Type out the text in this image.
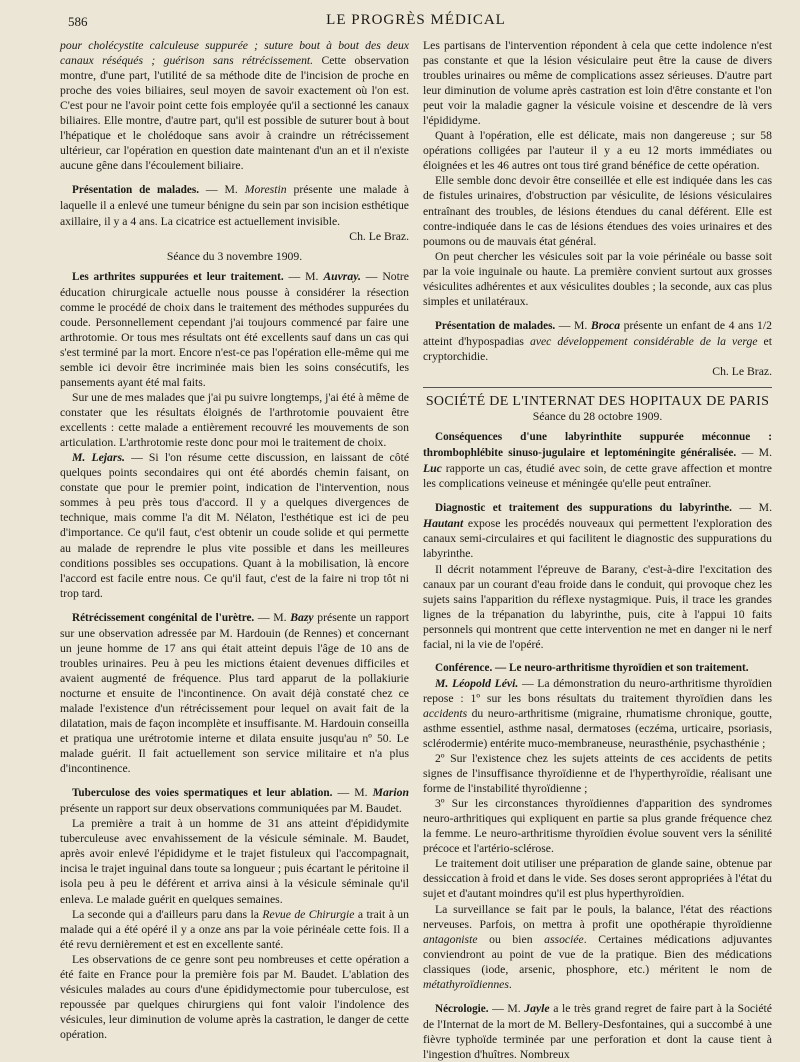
586	LE PROGRÈS MÉDICAL

pour cholécystite calculeuse suppurée ; suture bout à bout des deux canaux réséqués ; guérison sans rétrécissement. Cette observation montre, d'une part, l'utilité de sa méthode dite de l'incision de proche en proche des voies biliaires, seul moyen de savoir exactement où l'on est. C'est pour ne l'avoir point cette fois employée qu'il a sectionné les canaux biliaires. Elle montre, d'autre part, qu'il est possible de suturer bout à bout l'hépatique et le cholédoque sans avoir à craindre un rétrécissement ultérieur, car l'opération en question date maintenant d'un an et il n'existe aucune gêne dans l'écoulement biliaire.

Présentation de malades. — M. Morestin présente une malade à laquelle il a enlevé une tumeur bénigne du sein par son incision esthétique axillaire, il y a 4 ans. La cicatrice est actuellement invisible.

Ch. Le Braz.

Séance du 3 novembre 1909.

Les arthrites suppurées et leur traitement. — M. Auvray. — Notre éducation chirurgicale actuelle nous pousse à considérer la résection comme le procédé de choix dans le traitement des méthodes suppurées du coude. Personnellement cependant j'ai toujours commencé par faire une arthrotomie. Or tous mes résultats ont été excellents sauf dans un cas qui s'est terminé par la mort. Encore n'est-ce pas l'opération elle-même qui me semble ici devoir être incriminée mais bien les soins consécutifs, les pansements ayant été mal faits.

Sur une de mes malades que j'ai pu suivre longtemps, j'ai été à même de constater que les résultats éloignés de l'arthrotomie pouvaient être excellents : cette malade a entièrement recouvré les mouvements de son articulation. L'arthrotomie reste donc pour moi le traitement de choix.

M. Lejars. — Si l'on résume cette discussion, en laissant de côté quelques points secondaires qui ont été abordés chemin faisant, on constate que pour le premier point, indication de l'intervention, nous sommes à peu près tous d'accord. Il y a quelques divergences de technique, mais comme l'a dit M. Nélaton, l'esthétique est ici de peu d'importance. Ce qu'il faut, c'est obtenir un coude solide et qui permette au malade de reprendre le plus vite possible et dans les meilleures conditions possibles ses occupations. Quant à la mobilisation, là encore l'accord est facile entre nous. Ce qu'il faut, c'est de la faire ni trop tôt ni trop tard.

Rétrécissement congénital de l'urètre. — M. Bazy présente un rapport sur une observation adressée par M. Hardouin (de Rennes) et concernant un jeune homme de 17 ans qui était atteint depuis l'âge de 10 ans de troubles urinaires. Peu à peu les mictions étaient devenues difficiles et avaient augmenté de fréquence. Plus tard apparut de la pollakiurie nocturne et ensuite de l'incontinence. On avait déjà constaté chez ce malade l'existence d'un rétrécissement pour lequel on avait fait de la dilatation, mais de façon incomplète et insuffisante. M. Hardouin conseilla et pratiqua une urétrotomie interne et dilata ensuite jusqu'au nº 50. Le malade guérit. Il fait actuellement son service militaire et n'a plus d'incontinence.

Tuberculose des voies spermatiques et leur ablation. — M. Marion présente un rapport sur deux observations communiquées par M. Baudet.

La première a trait à un homme de 31 ans atteint d'épididymite tuberculeuse avec envahissement de la vésicule séminale. M. Baudet, après avoir enlevé l'épididyme et le trajet fistuleux qui l'accompagnait, incisa le trajet inguinal dans toute sa longueur ; puis écartant le péritoine il isola peu à peu le déférent et arriva ainsi à la vésicule séminale qu'il enleva. Le malade guérit en quelques semaines.

La seconde qui a d'ailleurs paru dans la Revue de Chirurgie a trait à un malade qui a été opéré il y a onze ans par la voie périnéale cette fois. Il a été revu dernièrement et est en excellente santé.

Les observations de ce genre sont peu nombreuses et cette opération a été faite en France pour la première fois par M. Baudet. L'ablation des vésicules malades au cours d'une épididymectomie pour tuberculose, est repoussée par quelques chirurgiens qui font valoir l'indolence des vésicules, leur diminution de volume après la castration, le danger de cette opération.

Les partisans de l'intervention répondent à cela que cette indolence n'est pas constante et que la lésion vésiculaire peut être la cause de divers troubles urinaires ou même de complications assez sérieuses. D'autre part leur diminution de volume après castration est loin d'être constante et l'on peut voir la maladie gagner la vésicule voisine et descendre de là vers l'épididyme.

Quant à l'opération, elle est délicate, mais non dangereuse ; sur 58 opérations colligées par l'auteur il y a eu 12 morts immédiates ou éloignées et les 46 autres ont tous tiré grand bénéfice de cette opération.

Elle semble donc devoir être conseillée et elle est indiquée dans les cas de fistules urinaires, d'obstruction par vésiculite, de lésions vésiculaires entraînant des troubles, de lésions étendues du canal déférent. Elle est contre-indiquée dans le cas de lésions étendues des voies urinaires et des poumons ou de mauvais état général.

On peut chercher les vésicules soit par la voie périnéale ou basse soit par la voie inguinale ou haute. La première convient surtout aux grosses vésiculites adhérentes et aux vésiculites doubles ; la seconde, aux cas plus simples et unilatéraux.

Présentation de malades. — M. Broca présente un enfant de 4 ans 1/2 atteint d'hypospadias avec développement considérable de la verge et cryptorchidie.

Ch. Le Braz.

SOCIÉTÉ DE L'INTERNAT DES HOPITAUX DE PARIS
Séance du 28 octobre 1909.

Conséquences d'une labyrinthite suppurée méconnue : thrombophlébite sinuso-jugulaire et leptoméningite généralisée. — M. Luc rapporte un cas, étudié avec soin, de cette grave affection et montre les complications veineuse et méningée qu'elle peut entraîner.

Diagnostic et traitement des suppurations du labyrinthe. — M. Hautant expose les procédés nouveaux qui permettent l'exploration des canaux semi-circulaires et qui facilitent le diagnostic des suppurations du labyrinthe.

Il décrit notamment l'épreuve de Barany, c'est-à-dire l'excitation des canaux par un courant d'eau froide dans le conduit, qui provoque chez les sujets sains l'apparition du réflexe nystagmique. Puis, il trace les grandes lignes de la trépanation du labyrinthe, puis, cite à l'appui 10 faits personnels qui montrent que cette intervention ne met en danger ni le nerf facial, ni la vie de l'opéré.

Conférence. — Le neuro-arthritisme thyroïdien et son traitement.

M. Léopold Lévi. — La démonstration du neuro-arthritisme thyroïdien repose : 1º sur les bons résultats du traitement thyroïdien dans les accidents du neuro-arthritisme (migraine, rhumatisme chronique, goutte, asthme essentiel, asthme nasal, dermatoses (eczéma, urticaire, psoriasis, sclérodermie) entérite muco-membraneuse, neurasthénie, psychasthénie ;

2º Sur l'existence chez les sujets atteints de ces accidents de petits signes de l'insuffisance thyroïdienne et de l'hyperthyroïdie, réalisant une forme de l'instabilité thyroïdienne ;

3º Sur les circonstances thyroïdiennes d'apparition des syndromes neuro-arthritiques qui expliquent en partie sa plus grande fréquence chez la femme. Le neuro-arthritisme thyroïdien évolue souvent vers la sénilité précoce et l'artério-sclérose.

Le traitement doit utiliser une préparation de glande saine, obtenue par dessiccation à froid et dans le vide. Ses doses seront appropriées à l'état du sujet et d'autant moindres qu'il est plus hyperthyroïdien.

La surveillance se fait par le pouls, la balance, l'état des réactions nerveuses. Parfois, on mettra à profit une opothérapie thyroïdienne antagoniste ou bien associée. Certaines médications adjuvantes conviendront au point de vue de la pratique. Bien des médications classiques (iode, arsenic, phosphore, etc.) méritent le nom de métathyroïdiennes.

Nécrologie. — M. Jayle a le très grand regret de faire part à la Société de l'Internat de la mort de M. Bellery-Desfontaines, qui a succombé à une fièvre typhoïde terminée par une perforation et dont la cause tient à l'ingestion d'huîtres. Nombreux
